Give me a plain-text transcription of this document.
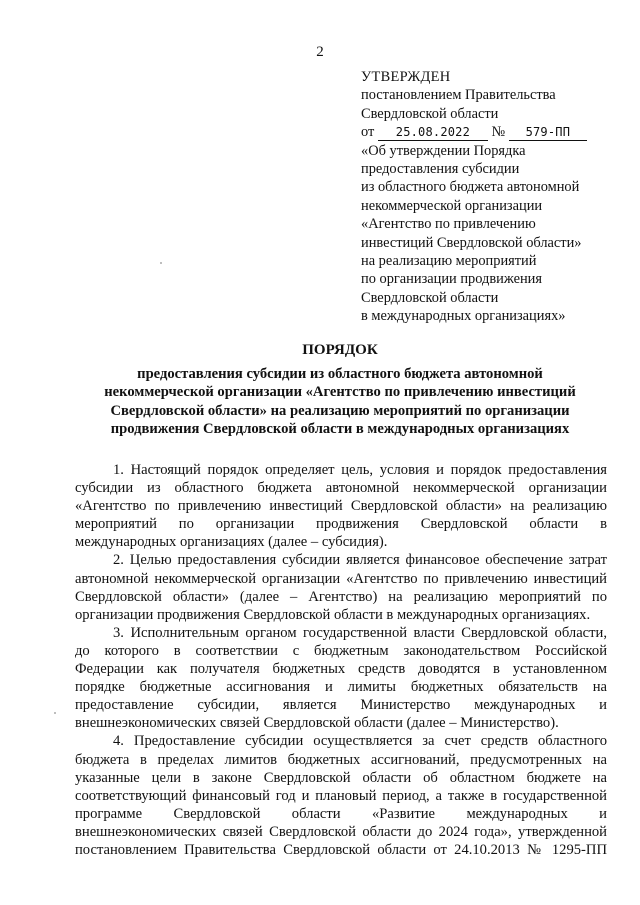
2
УТВЕРЖДЕН
постановлением Правительства
Свердловской области
от 25.08.2022 № 579-ПП
«Об утверждении Порядка
предоставления субсидии
из областного бюджета автономной
некоммерческой организации
«Агентство по привлечению
инвестиций Свердловской области»
на реализацию мероприятий
по организации продвижения
Свердловской области
в международных организациях»
ПОРЯДОК
предоставления субсидии из областного бюджета автономной
некоммерческой организации «Агентство по привлечению инвестиций
Свердловской области» на реализацию мероприятий по организации
продвижения Свердловской области в международных организациях
1. Настоящий порядок определяет цель, условия и порядок предоставления
субсидии из областного бюджета автономной некоммерческой организации
«Агентство по привлечению инвестиций Свердловской области» на реализацию
мероприятий по организации продвижения Свердловской области в
международных организациях (далее – субсидия).
2. Целью предоставления субсидии является финансовое обеспечение затрат
автономной некоммерческой организации «Агентство по привлечению инвестиций
Свердловской области» (далее – Агентство) на реализацию мероприятий по
организации продвижения Свердловской области в международных организациях.
3. Исполнительным органом государственной власти Свердловской области,
до которого в соответствии с бюджетным законодательством Российской
Федерации как получателя бюджетных средств доводятся в установленном
порядке бюджетные ассигнования и лимиты бюджетных обязательств на
предоставление субсидии, является Министерство международных и
внешнеэкономических связей Свердловской области (далее – Министерство).
4. Предоставление субсидии осуществляется за счет средств областного
бюджета в пределах лимитов бюджетных ассигнований, предусмотренных на
указанные цели в законе Свердловской области об областном бюджете на
соответствующий финансовый год и плановый период, а также в государственной
программе Свердловской области «Развитие международных и
внешнеэкономических связей Свердловской области до 2024 года», утвержденной
постановлением Правительства Свердловской области от 24.10.2013 № 1295-ПП
